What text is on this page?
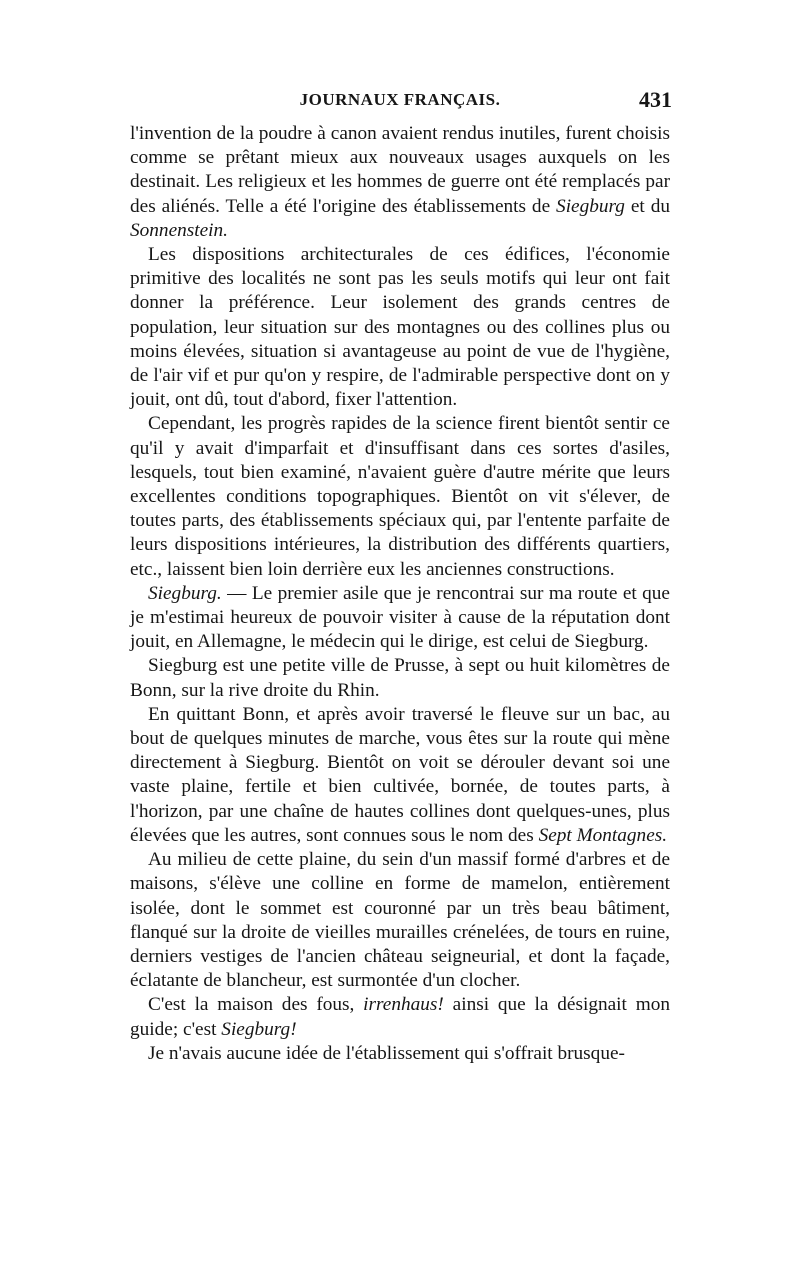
JOURNAUX FRANÇAIS.	431

l'invention de la poudre à canon avaient rendus inutiles, furent choisis comme se prêtant mieux aux nouveaux usages auxquels on les destinait. Les religieux et les hommes de guerre ont été remplacés par des aliénés. Telle a été l'origine des établissements de Siegburg et du Sonnenstein.

Les dispositions architecturales de ces édifices, l'économie primitive des localités ne sont pas les seuls motifs qui leur ont fait donner la préférence. Leur isolement des grands centres de population, leur situation sur des montagnes ou des collines plus ou moins élevées, situation si avantageuse au point de vue de l'hygiène, de l'air vif et pur qu'on y respire, de l'admirable perspective dont on y jouit, ont dû, tout d'abord, fixer l'attention.

Cependant, les progrès rapides de la science firent bientôt sentir ce qu'il y avait d'imparfait et d'insuffisant dans ces sortes d'asiles, lesquels, tout bien examiné, n'avaient guère d'autre mérite que leurs excellentes conditions topographiques. Bientôt on vit s'élever, de toutes parts, des établissements spéciaux qui, par l'entente parfaite de leurs dispositions intérieures, la distribution des différents quartiers, etc., laissent bien loin derrière eux les anciennes constructions.

Siegburg. — Le premier asile que je rencontrai sur ma route et que je m'estimai heureux de pouvoir visiter à cause de la réputation dont jouit, en Allemagne, le médecin qui le dirige, est celui de Siegburg.

Siegburg est une petite ville de Prusse, à sept ou huit kilomètres de Bonn, sur la rive droite du Rhin.

En quittant Bonn, et après avoir traversé le fleuve sur un bac, au bout de quelques minutes de marche, vous êtes sur la route qui mène directement à Siegburg. Bientôt on voit se dérouler devant soi une vaste plaine, fertile et bien cultivée, bornée, de toutes parts, à l'horizon, par une chaîne de hautes collines dont quelques-unes, plus élevées que les autres, sont connues sous le nom des Sept Montagnes.

Au milieu de cette plaine, du sein d'un massif formé d'arbres et de maisons, s'élève une colline en forme de mamelon, entièrement isolée, dont le sommet est couronné par un très beau bâtiment, flanqué sur la droite de vieilles murailles crénelées, de tours en ruine, derniers vestiges de l'ancien château seigneurial, et dont la façade, éclatante de blancheur, est surmontée d'un clocher.

C'est la maison des fous, irrenhaus! ainsi que la désignait mon guide; c'est Siegburg!

Je n'avais aucune idée de l'établissement qui s'offrait brusque-
